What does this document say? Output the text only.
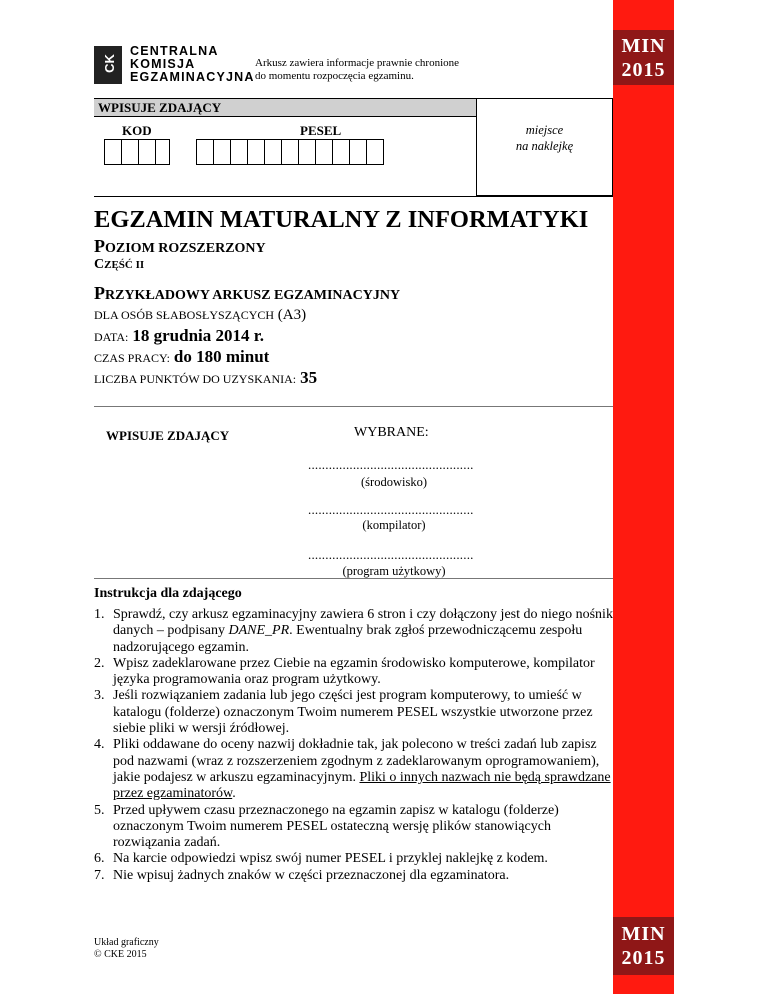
MIN
2015
MIN
2015
CK
CENTRALNA
KOMISJA
EGZAMINACYJNA
Arkusz zawiera informacje prawnie chronione
do momentu rozpoczęcia egzaminu.
WPISUJE ZDAJĄCY
KOD	PESEL	miejsce
na naklejkę
EGZAMIN MATURALNY Z INFORMATYKI
POZIOM ROZSZERZONY
CZĘŚĆ II
PRZYKŁADOWY ARKUSZ EGZAMINACYJNY
DLA OSÓB SŁABOSŁYSZĄCYCH (A3)
DATA: 18 grudnia 2014 r.
CZAS PRACY: do 180 minut
LICZBA PUNKTÓW DO UZYSKANIA: 35
WPISUJE ZDAJĄCY	WYBRANE:
................................................
(środowisko)
................................................
(kompilator)
................................................
(program użytkowy)
Instrukcja dla zdającego
1. Sprawdź, czy arkusz egzaminacyjny zawiera 6 stron i czy dołączony jest do niego nośnik danych – podpisany DANE_PR. Ewentualny brak zgłoś przewodniczącemu zespołu nadzorującego egzamin.
2. Wpisz zadeklarowane przez Ciebie na egzamin środowisko komputerowe, kompilator języka programowania oraz program użytkowy.
3. Jeśli rozwiązaniem zadania lub jego części jest program komputerowy, to umieść w katalogu (folderze) oznaczonym Twoim numerem PESEL wszystkie utworzone przez siebie pliki w wersji źródłowej.
4. Pliki oddawane do oceny nazwij dokładnie tak, jak polecono w treści zadań lub zapisz pod nazwami (wraz z rozszerzeniem zgodnym z zadeklarowanym oprogramowaniem), jakie podajesz w arkuszu egzaminacyjnym. Pliki o innych nazwach nie będą sprawdzane przez egzaminatorów.
5. Przed upływem czasu przeznaczonego na egzamin zapisz w katalogu (folderze) oznaczonym Twoim numerem PESEL ostateczną wersję plików stanowiących rozwiązania zadań.
6. Na karcie odpowiedzi wpisz swój numer PESEL i przyklej naklejkę z kodem.
7. Nie wpisuj żadnych znaków w części przeznaczonej dla egzaminatora.
Układ graficzny
© CKE 2015
